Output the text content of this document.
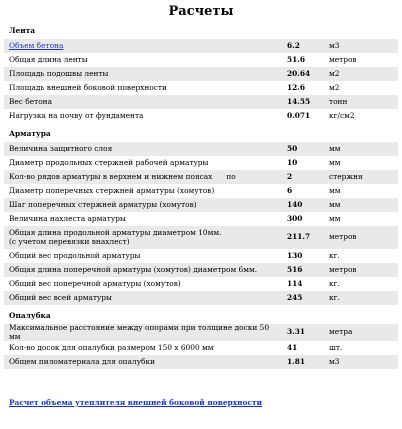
Расчеты
Лента		
Объем бетона	6.2	м3
Общая длина ленты	51.6	метров
Площадь подошвы ленты	20.64	м2
Площадь внешней боковой поверхности	12.6	м2
Вес бетона	14.55	тонн
Нагрузка на почву от фундамента	0.071	кг/см2

Арматура		
Величина защитного слоя	50	мм
Диаметр продольных стержней рабочей арматуры	10	мм
Кол-во рядов арматуры в верхнем и нижнем поясах по	2	стержня
Диаметр поперечных стержней арматуры (хомутов)	6	мм
Шаг поперечных стержней арматуры (хомутов)	140	мм
Величина нахлеста арматуры	300	мм

Общая длина продольной арматуры диаметром 10мм.
(с учетом перевязки внахлест)	211.7	метров
Общий вес продольной арматуры	130	кг.
Общая длина поперечной арматуры (хомутов) диаметром 6мм.	516	метров
Общий вес поперечной арматуры (хомутов)	114	кг.
Общий вес всей арматуры	245	кг.

Опалубка		
Максимальное расстояние между опорами при толщине доски 50 мм	3.31	метра
Кол-во досок для опалубки размером 150 х 6000 мм	41	шт.
Общем пиломатериала для опалубки	1.81	м3
Расчет объема утеплителя внешней боковой поверхности
